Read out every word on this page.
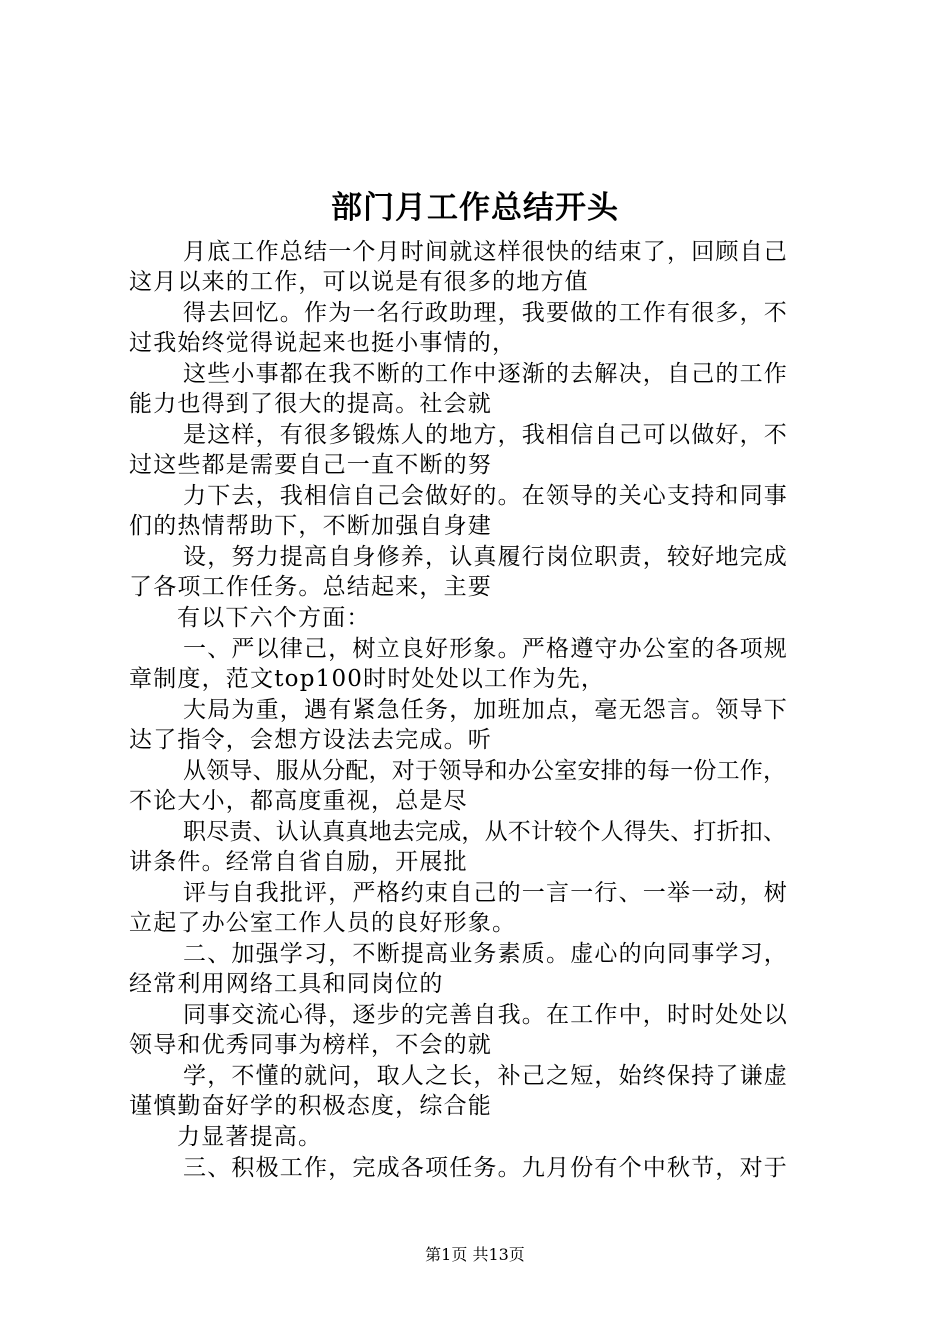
部门月工作总结开头
月底工作总结一个月时间就这样很快的结束了，回顾自己
这月以来的工作，可以说是有很多的地方值
得去回忆。作为一名行政助理，我要做的工作有很多，不
过我始终觉得说起来也挺小事情的，
这些小事都在我不断的工作中逐渐的去解决，自己的工作
能力也得到了很大的提高。社会就
是这样，有很多锻炼人的地方，我相信自己可以做好，不
过这些都是需要自己一直不断的努
力下去，我相信自己会做好的。在领导的关心支持和同事
们的热情帮助下，不断加强自身建
设，努力提高自身修养，认真履行岗位职责，较好地完成
了各项工作任务。总结起来，主要
有以下六个方面：
一、严以律己，树立良好形象。严格遵守办公室的各项规
章制度，范文top100时时处处以工作为先，
大局为重，遇有紧急任务，加班加点，毫无怨言。领导下
达了指令，会想方设法去完成。听
从领导、服从分配，对于领导和办公室安排的每一份工作，
不论大小，都高度重视，总是尽
职尽责、认认真真地去完成，从不计较个人得失、打折扣、
讲条件。经常自省自励，开展批
评与自我批评，严格约束自己的一言一行、一举一动，树
立起了办公室工作人员的良好形象。
二、加强学习，不断提高业务素质。虚心的向同事学习，
经常利用网络工具和同岗位的
同事交流心得，逐步的完善自我。在工作中，时时处处以
领导和优秀同事为榜样，不会的就
学，不懂的就问，取人之长，补己之短，始终保持了谦虚
谨慎勤奋好学的积极态度，综合能
力显著提高。
三、积极工作，完成各项任务。九月份有个中秋节，对于
第1页 共13页
